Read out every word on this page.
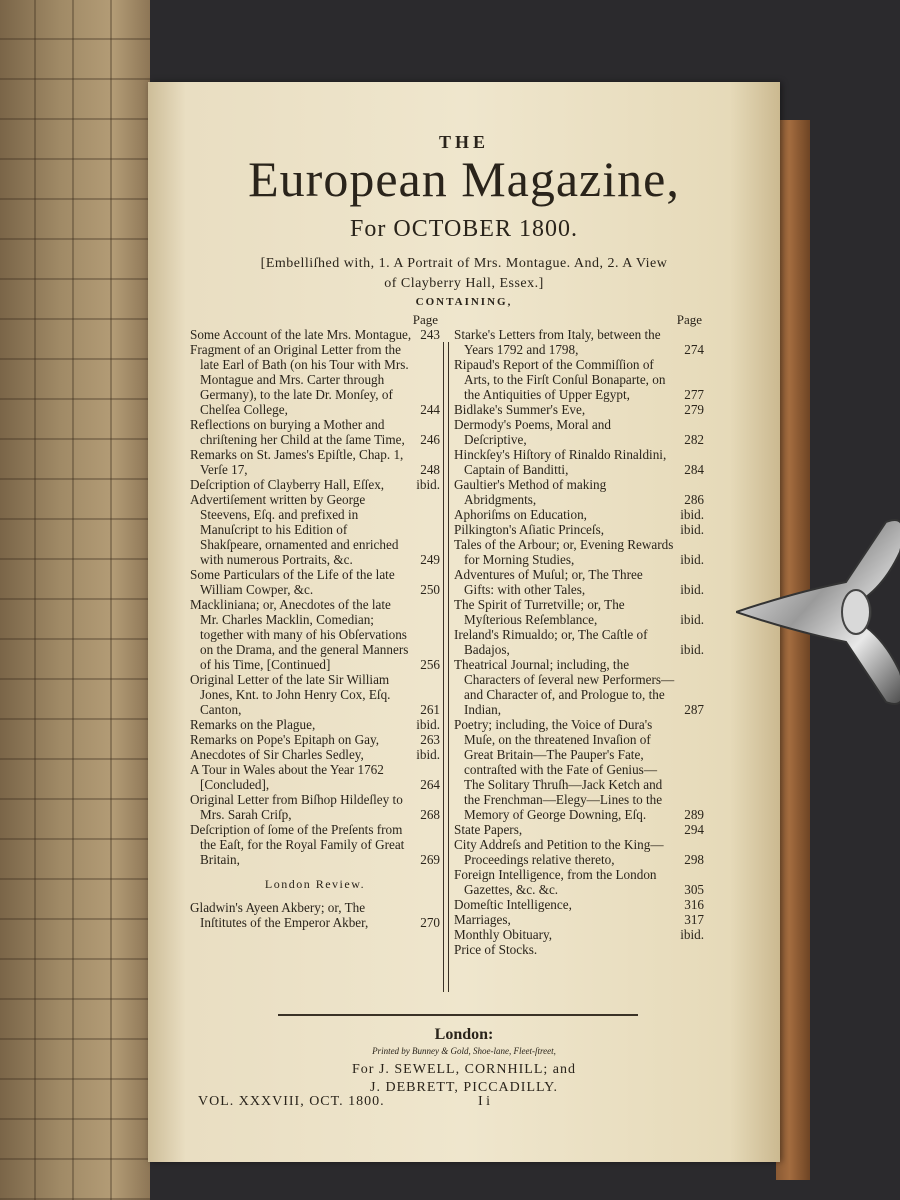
THE
European Magazine,
For OCTOBER 1800.
[Embelliſhed with, 1. A Portrait of Mrs. Montague. And, 2. A View
of Clayberry Hall, Essex.]
CONTAINING,
Page
Some Account of the late Mrs. Montague, 243
Fragment of an Original Letter from the late Earl of Bath (on his Tour with Mrs. Montague and Mrs. Carter through Germany), to the late Dr. Monſey, of Chelſea College,	244
Reflections on burying a Mother and chriſtening her Child at the ſame Time, 246
Remarks on St. James's Epiſtle, Chap. 1, Verſe 17,	248
Deſcription of Clayberry Hall, Eſſex, ibid.
Advertiſement written by George Steevens, Eſq. and prefixed in Manuſcript to his Edition of Shakſpeare, ornamented and enriched with numerous Portraits, &c.	249
Some Particulars of the Life of the late William Cowper, &c.	250
Mackliniana; or, Anecdotes of the late Mr. Charles Macklin, Comedian; together with many of his Obſervations on the Drama, and the general Manners of his Time, [Continued]	256
Original Letter of the late Sir William Jones, Knt. to John Henry Cox, Eſq. Canton,	261
Remarks on the Plague,	ibid.
Remarks on Pope's Epitaph on Gay,	263
Anecdotes of Sir Charles Sedley,	ibid.
A Tour in Wales about the Year 1762 [Concluded],	264
Original Letter from Biſhop Hildeſley to Mrs. Sarah Criſp,	268
Deſcription of ſome of the Preſents from the Eaſt, for the Royal Family of Great Britain,	269
London Review.
Gladwin's Ayeen Akbery; or, The Inſtitutes of the Emperor Akber,	270
Page
Starke's Letters from Italy, between the Years 1792 and 1798,	274
Ripaud's Report of the Commiſſion of Arts, to the Firſt Conſul Bonaparte, on the Antiquities of Upper Egypt,	277
Bidlake's Summer's Eve,	279
Dermody's Poems, Moral and Deſcriptive,	282
Hinckſey's Hiſtory of Rinaldo Rinaldini, Captain of Banditti,	284
Gaultier's Method of making Abridgments,	286
Aphoriſms on Education,	ibid.
Pilkington's Aſiatic Princeſs,	ibid.
Tales of the Arbour; or, Evening Rewards for Morning Studies,	ibid.
Adventures of Muſul; or, The Three Gifts: with other Tales,	ibid.
The Spirit of Turretville; or, The Myſterious Reſemblance,	ibid.
Ireland's Rimualdo; or, The Caſtle of Badajos,	ibid.
Theatrical Journal; including, the Characters of ſeveral new Performers—and Character of, and Prologue to, the Indian,	287
Poetry; including, the Voice of Dura's Muſe, on the threatened Invaſion of Great Britain—The Pauper's Fate, contraſted with the Fate of Genius—The Solitary Thruſh—Jack Ketch and the Frenchman—Elegy—Lines to the Memory of George Downing, Eſq.	289
State Papers,	294
City Addreſs and Petition to the King—Proceedings relative thereto,	298
Foreign Intelligence, from the London Gazettes, &c. &c.	305
Domeſtic Intelligence,	316
Marriages,	317
Monthly Obituary,	ibid.
Price of Stocks.
London:
Printed by Bunney & Gold, Shoe-lane, Fleet-ſtreet,
For J. SEWELL, CORNHILL; and
J. DEBRETT, PICCADILLY.
VOL. XXXVIII, OCT. 1800.	I i
